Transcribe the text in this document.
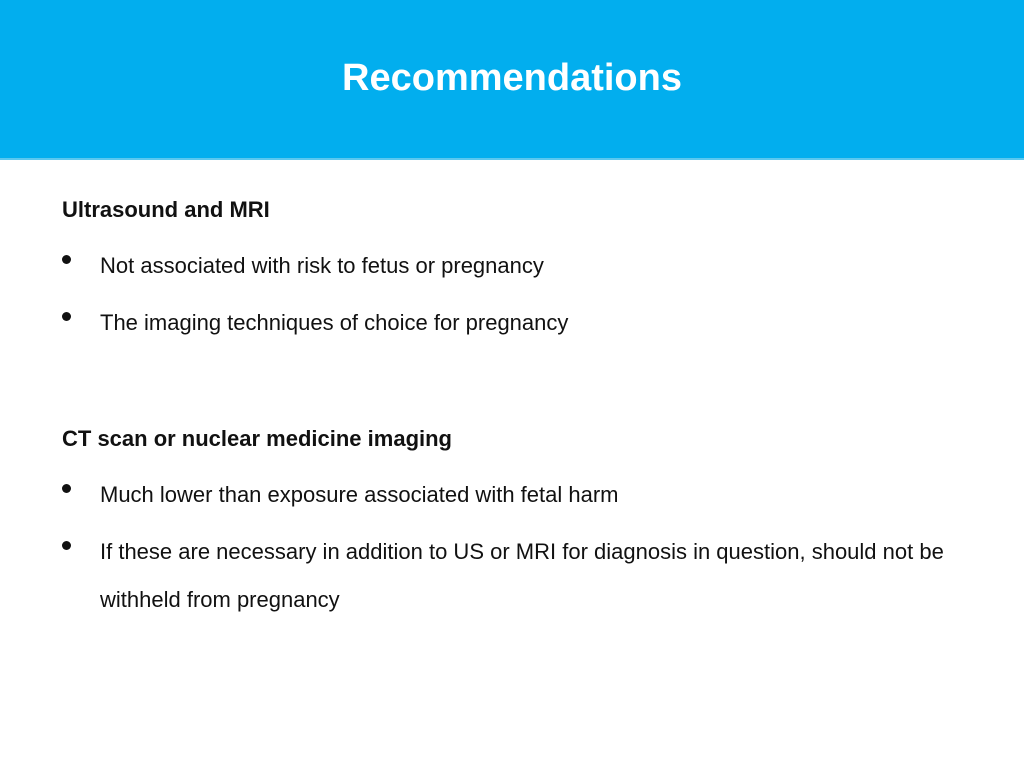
Recommendations
Ultrasound and MRI
Not associated with risk to fetus or pregnancy
The imaging techniques of choice for pregnancy
CT scan or nuclear medicine imaging
Much lower than exposure associated with fetal harm
If these are necessary in addition to US or MRI for diagnosis in question, should not be withheld from pregnancy
